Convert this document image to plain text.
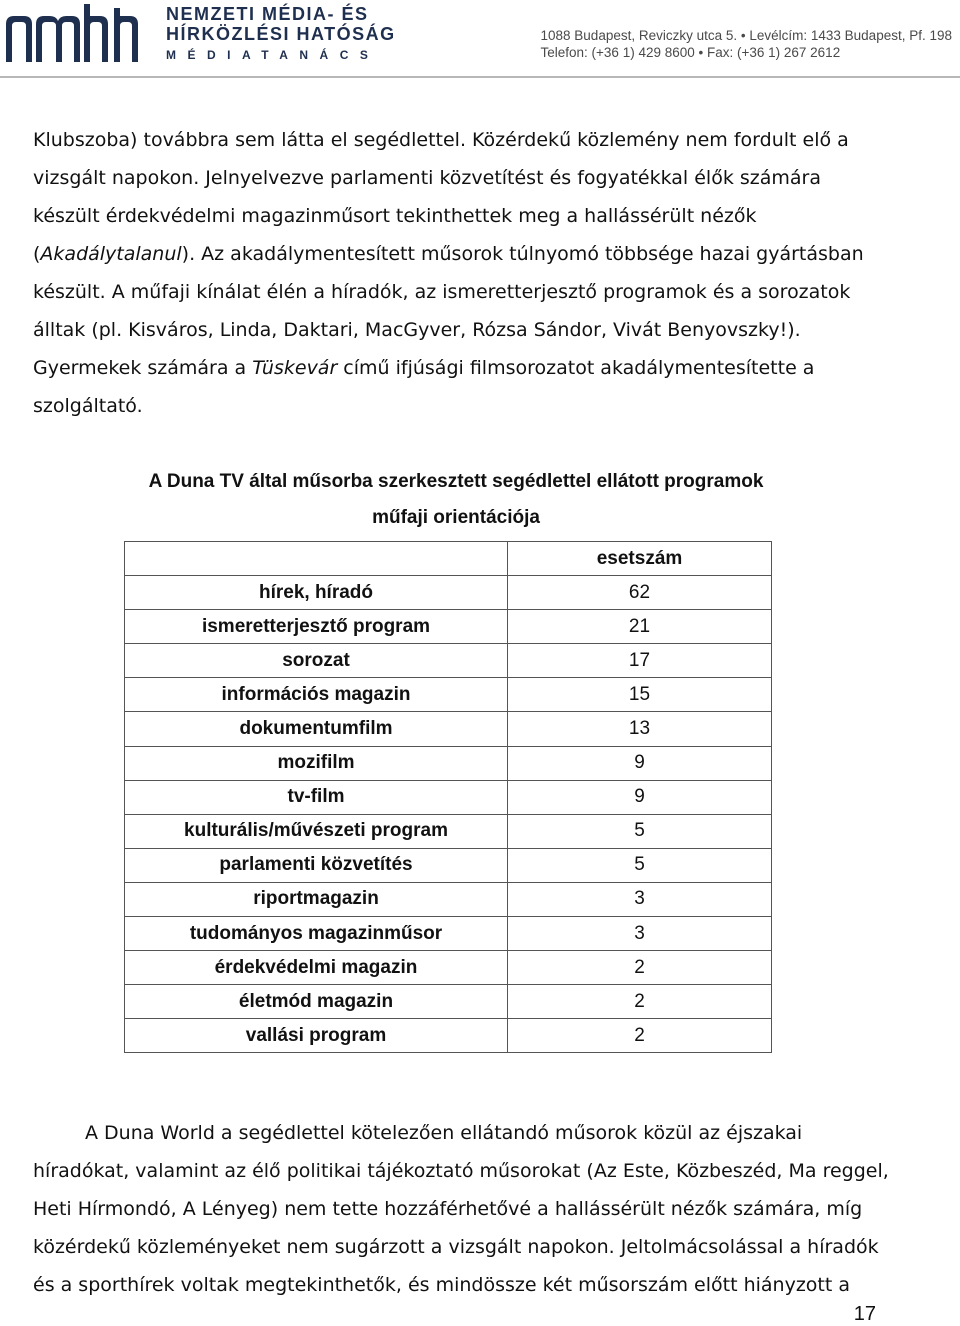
NEMZETI MÉDIA- ÉS
HÍRKÖZLÉSI HATÓSÁG
MÉDIATANÁCS
1088 Budapest, Reviczky utca 5. • Levélcím: 1433 Budapest, Pf. 198
Telefon: (+36 1) 429 8600 • Fax: (+36 1) 267 2612
Klubszoba) továbbra sem látta el segédlettel. Közérdekű közlemény nem fordult elő a
vizsgált napokon. Jelnyelvezve parlamenti közvetítést és fogyatékkal élők számára
készült érdekvédelmi magazinműsort tekinthettek meg a hallássérült nézők
(Akadálytalanul). Az akadálymentesített műsorok túlnyomó többsége hazai gyártásban
készült. A műfaji kínálat élén a híradók, az ismeretterjesztő programok és a sorozatok
álltak (pl. Kisváros, Linda, Daktari, MacGyver, Rózsa Sándor, Vivát Benyovszky!).
Gyermekek számára a Tüskevár című ifjúsági filmsorozatot akadálymentesítette a
szolgáltató.
A Duna TV által műsorba szerkesztett segédlettel ellátott programok
műfaji orientációja
	esetszám
hírek, híradó	62
ismeretterjesztő program	21
sorozat	17
információs magazin	15
dokumentumfilm	13
mozifilm	9
tv-film	9
kulturális/művészeti program	5
parlamenti közvetítés	5
riportmagazin	3
tudományos magazinműsor	3
érdekvédelmi magazin	2
életmód magazin	2
vallási program	2
A Duna World a segédlettel kötelezően ellátandó műsorok közül az éjszakai
híradókat, valamint az élő politikai tájékoztató műsorokat (Az Este, Közbeszéd, Ma reggel,
Heti Hírmondó, A Lényeg) nem tette hozzáférhetővé a hallássérült nézők számára, míg
közérdekű közleményeket nem sugárzott a vizsgált napokon. Jeltolmácsolással a híradók
és a sporthírek voltak megtekinthetők, és mindössze két műsorszám előtt hiányzott a
17
